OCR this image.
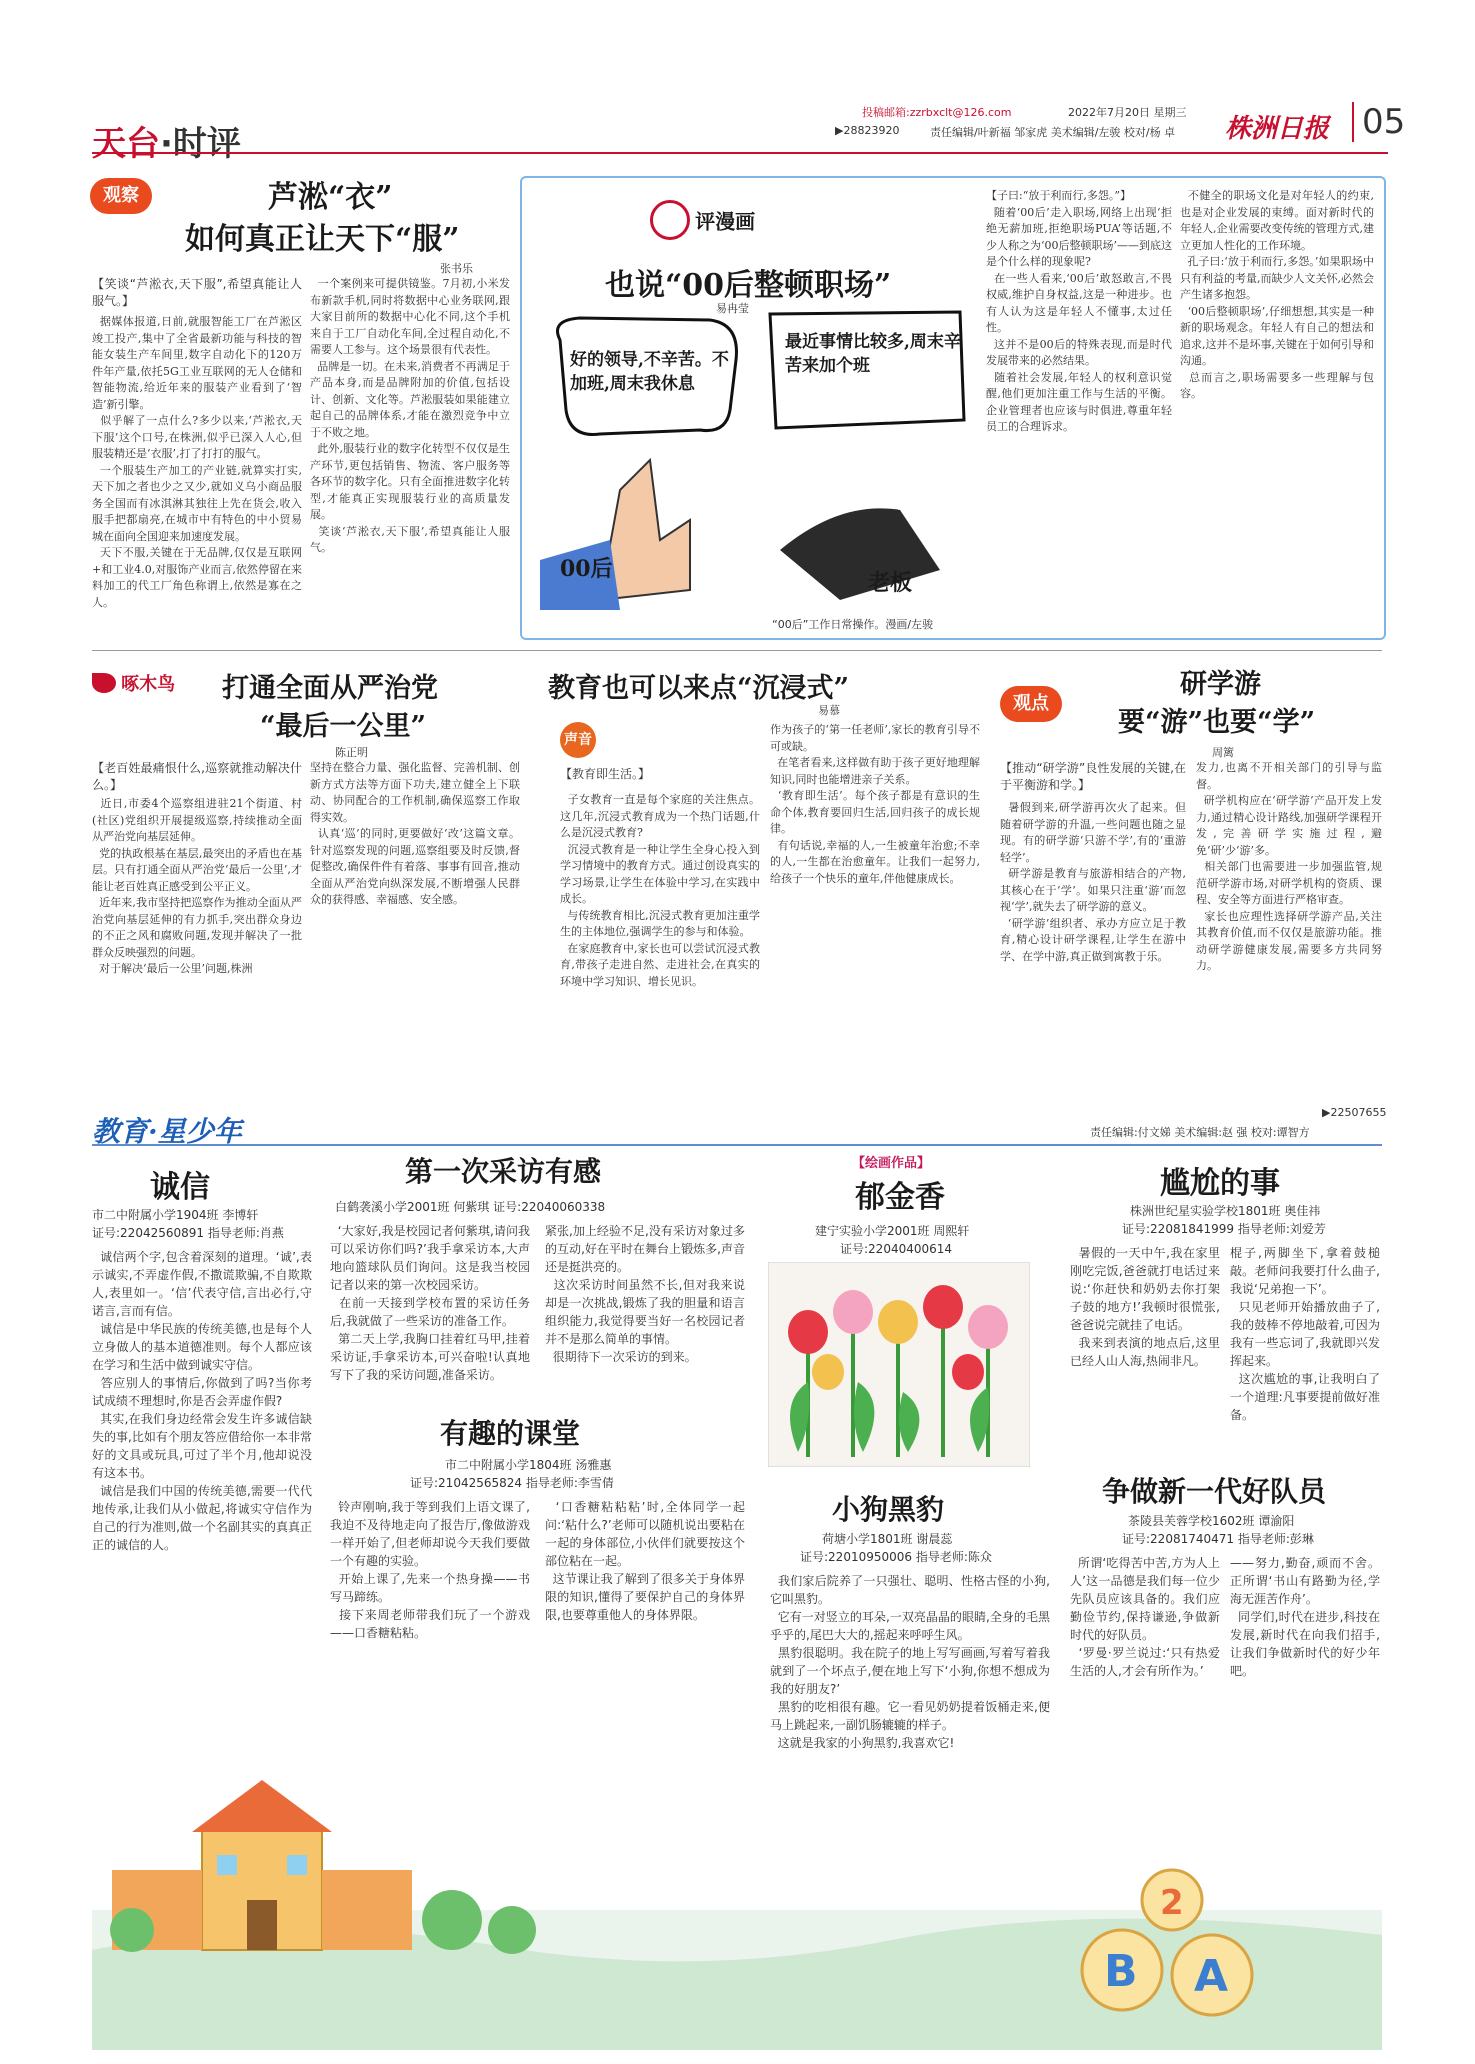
天台·时评
投稿邮箱:zzrbxclt@126.com	2022年7月20日 星期三
▶28823920	责任编辑/叶新福 邹家虎 美术编辑/左骏 校对/杨 卓 株洲日报 05
观察	芦淞“衣”
如何真正让天下“服”
张书乐
【笑谈“芦淞衣,天下服”,希望真能让人服气。】
据媒体报道,日前,就服智能工厂在芦淞区竣工投产,集中了全省最新功能与科技的智能女装生产车间里,数字自动化下的120万件年产量,依托5G工业互联网的无人仓储和智能物流,给近年来的服装产业看到了‘智造’新引擎。
似乎解了一点什么?多少以来,‘芦淞衣,天下服’这个口号,在株洲,似乎已深入人心,但服装精还是‘衣服’,打了打打的服气。
一个服装生产加工的产业链,就算实打实,天下加之者也少之又少,就如义乌小商品服务全国而有冰淇淋其独往上先在货会,收入服手把都扇亮,在城市中有特色的中小贸易城在面向全国迎来加速度发展。
天下不服,关键在于无品牌,仅仅是互联网+和工业4.0,对服饰产业而言,依然停留在来料加工的代工厂角色称谓上,依然是寡在之人。
一个案例来可提供镜鉴。7月初,小米发布新款手机,同时将数据中心业务联网,跟大家目前所的数据中心化不同,这个手机来自于工厂自动化车间,全过程自动化,不需要人工参与。这个场景很有代表性。
品牌是一切。在未来,消费者不再满足于产品本身,而是品牌附加的价值,包括设计、创新、文化等。芦淞服装如果能建立起自己的品牌体系,才能在激烈竞争中立于不败之地。
此外,服装行业的数字化转型不仅仅是生产环节,更包括销售、物流、客户服务等各环节的数字化。只有全面推进数字化转型,才能真正实现服装行业的高质量发展。
笑谈‘芦淞衣,天下服’,希望真能让人服气。
评漫画
也说“00后整顿职场”
易冉莹
好的领导,不辛苦。不加班,周末我休息
最近事情比较多,周末辛苦来加个班
00后
老板
“00后”工作日常操作。漫画/左骏
【子曰:“放于利而行,多怨。”】
随着‘00后’走入职场,网络上出现‘拒绝无薪加班,拒绝职场PUA’等话题,不少人称之为‘00后整顿职场’——到底这是个什么样的现象呢?
在一些人看来,‘00后’敢怒敢言,不畏权威,维护自身权益,这是一种进步。也有人认为这是年轻人不懂事,太过任性。
这并不是00后的特殊表现,而是时代发展带来的必然结果。
随着社会发展,年轻人的权利意识觉醒,他们更加注重工作与生活的平衡。企业管理者也应该与时俱进,尊重年轻员工的合理诉求。
不健全的职场文化是对年轻人的约束,也是对企业发展的束缚。面对新时代的年轻人,企业需要改变传统的管理方式,建立更加人性化的工作环境。
孔子曰:‘放于利而行,多怨。’如果职场中只有利益的考量,而缺少人文关怀,必然会产生诸多抱怨。
‘00后整顿职场’,仔细想想,其实是一种新的职场观念。年轻人有自己的想法和追求,这并不是坏事,关键在于如何引导和沟通。
总而言之,职场需要多一些理解与包容。
啄木鸟 打通全面从严治党
“最后一公里”
陈正明
【老百姓最痛恨什么,巡察就推动解决什么。】
近日,市委4个巡察组进驻21个街道、村(社区)党组织开展提级巡察,持续推动全面从严治党向基层延伸。
党的执政根基在基层,最突出的矛盾也在基层。只有打通全面从严治党‘最后一公里’,才能让老百姓真正感受到公平正义。
近年来,我市坚持把巡察作为推动全面从严治党向基层延伸的有力抓手,突出群众身边的不正之风和腐败问题,发现并解决了一批群众反映强烈的问题。
对于解决‘最后一公里’问题,株洲
坚持在整合力量、强化监督、完善机制、创新方式方法等方面下功夫,建立健全上下联动、协同配合的工作机制,确保巡察工作取得实效。
认真‘巡’的同时,更要做好‘改’这篇文章。针对巡察发现的问题,巡察组要及时反馈,督促整改,确保件件有着落、事事有回音,推动全面从严治党向纵深发展,不断增强人民群众的获得感、幸福感、安全感。
教育也可以来点“沉浸式”
易慕
声音
【教育即生活。】
子女教育一直是每个家庭的关注焦点。这几年,沉浸式教育成为一个热门话题,什么是沉浸式教育?
沉浸式教育是一种让学生全身心投入到学习情境中的教育方式。通过创设真实的学习场景,让学生在体验中学习,在实践中成长。
与传统教育相比,沉浸式教育更加注重学生的主体地位,强调学生的参与和体验。
在家庭教育中,家长也可以尝试沉浸式教育,带孩子走进自然、走进社会,在真实的环境中学习知识、增长见识。
作为孩子的‘第一任老师’,家长的教育引导不可或缺。
在笔者看来,这样做有助于孩子更好地理解知识,同时也能增进亲子关系。
‘教育即生活’。每个孩子都是有意识的生命个体,教育要回归生活,回归孩子的成长规律。
有句话说,幸福的人,一生被童年治愈;不幸的人,一生都在治愈童年。让我们一起努力,给孩子一个快乐的童年,伴他健康成长。
观点
研学游
要“游”也要“学”
周篱
【推动“研学游”良性发展的关键,在于平衡游和学。】
暑假到来,研学游再次火了起来。但随着研学游的升温,一些问题也随之显现。有的研学游‘只游不学’,有的‘重游轻学’。
研学游是教育与旅游相结合的产物,其核心在于‘学’。如果只注重‘游’而忽视‘学’,就失去了研学游的意义。
‘研学游’组织者、承办方应立足于教育,精心设计研学课程,让学生在游中学、在学中游,真正做到寓教于乐。
发力,也离不开相关部门的引导与监督。
研学机构应在‘研学游’产品开发上发力,通过精心设计路线,加强研学课程开发,完善研学实施过程,避免‘研’少‘游’多。
相关部门也需要进一步加强监管,规范研学游市场,对研学机构的资质、课程、安全等方面进行严格审查。
家长也应理性选择研学游产品,关注其教育价值,而不仅仅是旅游功能。推动研学游健康发展,需要多方共同努力。
教育·星少年
▶22507655
责任编辑:付文娣 美术编辑:赵 强 校对:谭智方
诚信
市二中附属小学1904班 李博轩
证号:22042560891 指导老师:肖燕
诚信两个字,包含着深刻的道理。‘诚’,表示诚实,不弄虚作假,不撒谎欺骗,不自欺欺人,表里如一。‘信’代表守信,言出必行,守诺言,言而有信。
诚信是中华民族的传统美德,也是每个人立身做人的基本道德准则。每个人都应该在学习和生活中做到诚实守信。
答应别人的事情后,你做到了吗?当你考试成绩不理想时,你是否会弄虚作假?
其实,在我们身边经常会发生许多诚信缺失的事,比如有个朋友答应借给你一本非常好的文具或玩具,可过了半个月,他却说没有这本书。
诚信是我们中国的传统美德,需要一代代地传承,让我们从小做起,将诚实守信作为自己的行为准则,做一个名副其实的真真正正的诚信的人。
第一次采访有感
白鹤袭溪小学2001班 何紫琪 证号:22040060338
‘大家好,我是校园记者何紫琪,请问我可以采访你们吗?’我手拿采访本,大声地向篮球队员们询问。这是我当校园记者以来的第一次校园采访。
在前一天接到学校布置的采访任务后,我就做了一些采访的准备工作。
第二天上学,我胸口挂着红马甲,挂着采访证,手拿采访本,可兴奋啦!认真地写下了我的采访问题,准备采访。
紧张,加上经验不足,没有采访对象过多的互动,好在平时在舞台上锻炼多,声音还是挺洪亮的。
这次采访时间虽然不长,但对我来说却是一次挑战,锻炼了我的胆量和语言组织能力,我觉得要当好一名校园记者并不是那么简单的事情。
很期待下一次采访的到来。
有趣的课堂
市二中附属小学1804班 汤雅惠
证号:21042565824 指导老师:李雪倩
铃声刚响,我于等到我们上语文课了,我迫不及待地走向了报告厅,像做游戏一样开始了,但老师却说今天我们要做一个有趣的实验。
开始上课了,先来一个热身操——书写马蹄练。
接下来周老师带我们玩了一个游戏——口香糖粘粘。
‘口香糖粘粘粘’时,全体同学一起问:‘粘什么?’老师可以随机说出要粘在一起的身体部位,小伙伴们就要按这个部位粘在一起。
这节课让我了解到了很多关于身体界限的知识,懂得了要保护自己的身体界限,也要尊重他人的身体界限。
【绘画作品】
郁金香
建宁实验小学2001班 周熙轩
证号:22040400614
小狗黑豹
荷塘小学1801班 谢晨蕊
证号:22010950006 指导老师:陈众
我们家后院养了一只强壮、聪明、性格古怪的小狗,它叫黑豹。
它有一对竖立的耳朵,一双亮晶晶的眼睛,全身的毛黑乎乎的,尾巴大大的,摇起来呼呼生风。
黑豹很聪明。我在院子的地上写写画画,写着写着我就到了一个坏点子,便在地上写下‘小狗,你想不想成为我的好朋友?’
黑豹的吃相很有趣。它一看见奶奶提着饭桶走来,便马上跳起来,一副饥肠辘辘的样子。
这就是我家的小狗黑豹,我喜欢它!
尴尬的事
株洲世纪星实验学校1801班 奥佳祎
证号:22081841999 指导老师:刘爱芳
暑假的一天中午,我在家里刚吃完饭,爸爸就打电话过来说:‘你赶快和奶奶去你打架子鼓的地方!’我顿时很慌张,爸爸说完就挂了电话。
我来到表演的地点后,这里已经人山人海,热闹非凡。
棍子,两脚坐下,拿着鼓槌敲。老师问我要打什么曲子,我说‘兄弟抱一下’。
只见老师开始播放曲子了,我的鼓棒不停地敲着,可因为我有一些忘词了,我就即兴发挥起来。
这次尴尬的事,让我明白了一个道理:凡事要提前做好准备。
争做新一代好队员
茶陵县芙蓉学校1602班 谭渝阳
证号:22081740471 指导老师:彭琳
所谓‘吃得苦中苦,方为人上人’这一品德是我们每一位少先队员应该具备的。我们应勤俭节约,保持谦逊,争做新时代的好队员。
‘罗曼·罗兰说过:‘只有热爱生活的人,才会有所作为。’
——努力,勤奋,顽而不舍。正所谓‘书山有路勤为径,学海无涯苦作舟’。
同学们,时代在进步,科技在发展,新时代在向我们招手,让我们争做新时代的好少年吧。
B A
2
